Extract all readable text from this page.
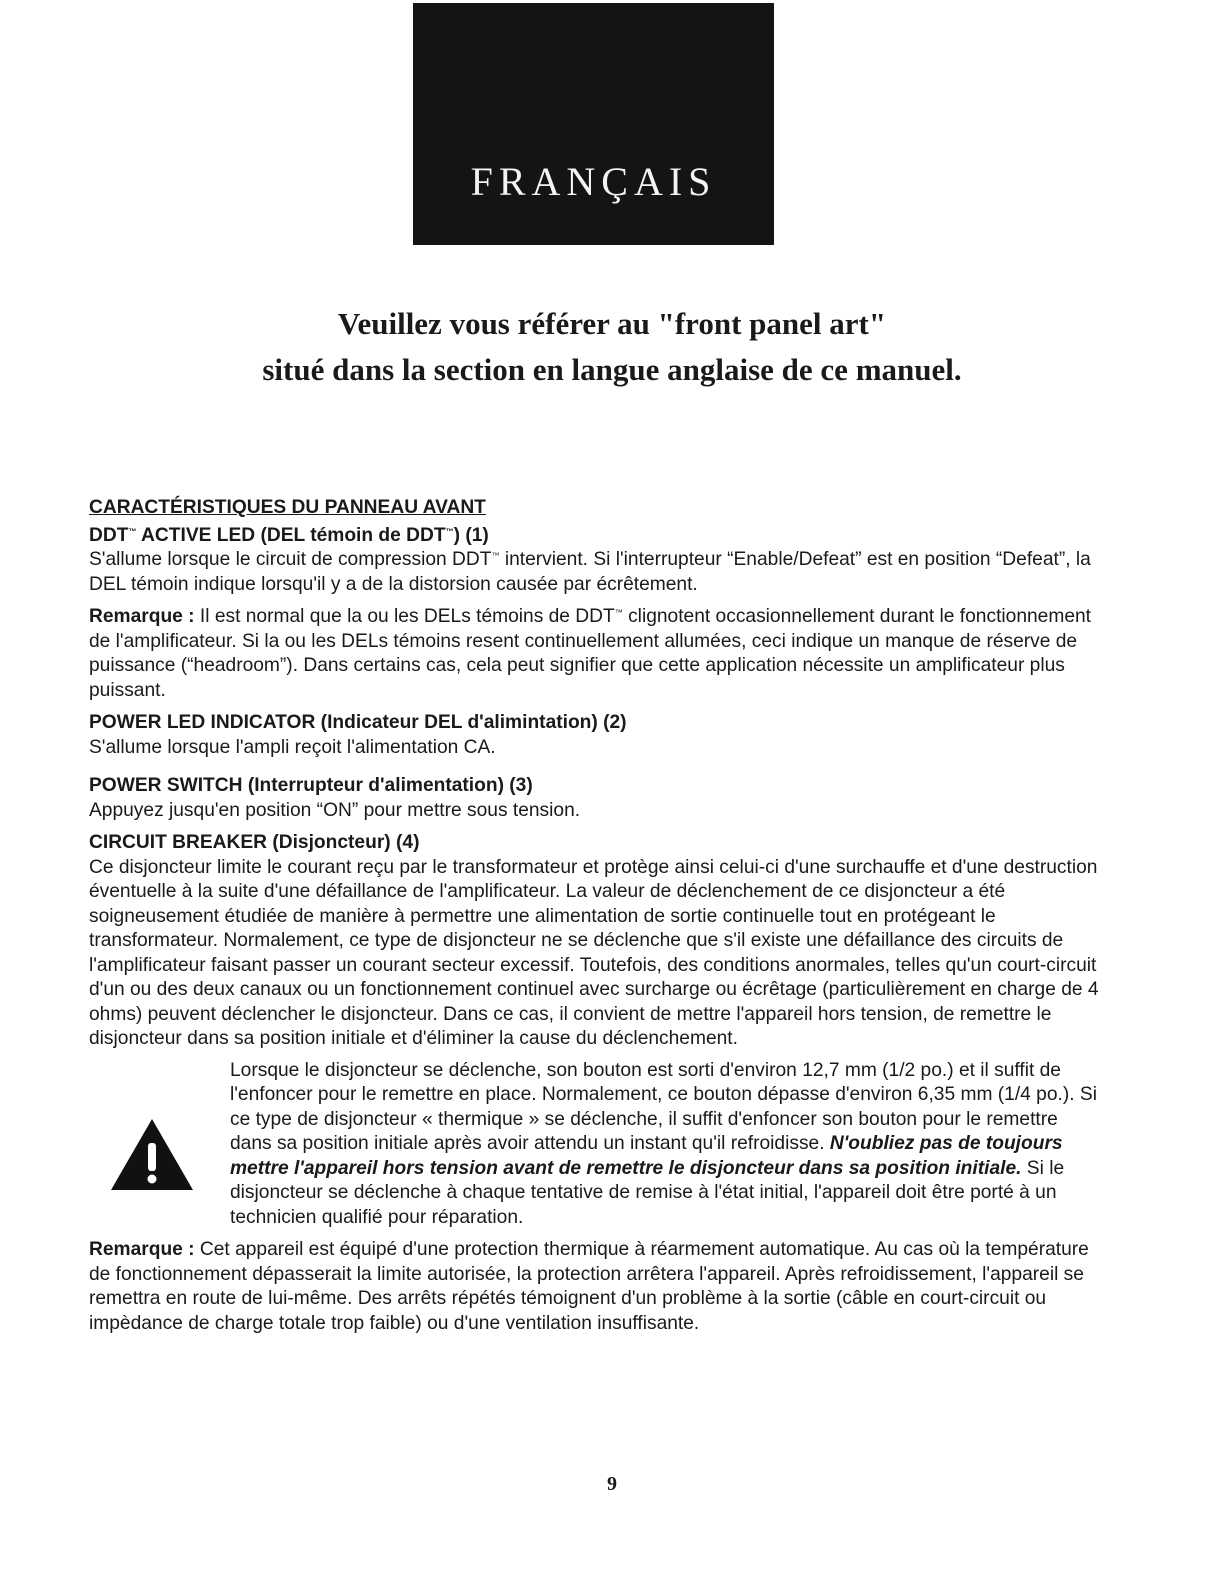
FRANÇAIS
Veuillez vous référer au "front panel art"
situé dans la section en langue anglaise de ce manuel.
CARACTÉRISTIQUES DU PANNEAU AVANT
DDT™ ACTIVE LED (DEL témoin de DDT™) (1)

S'allume lorsque le circuit de compression DDT™ intervient. Si l'interrupteur “Enable/Defeat” est en position “Defeat”, la DEL témoin indique lorsqu'il y a de la distorsion causée par écrêtement.

Remarque : Il est normal que la ou les DELs témoins de DDT™ clignotent occasionnellement durant le fonctionnement de l'amplificateur. Si la ou les DELs témoins resent continuellement allumées, ceci indique un manque de réserve de puissance (“headroom”). Dans certains cas, cela peut signifier que cette application nécessite un amplificateur plus puissant.

POWER LED INDICATOR (Indicateur DEL d'alimintation) (2)

S'allume lorsque l'ampli reçoit l'alimentation CA.

POWER SWITCH (Interrupteur d'alimentation) (3)

Appuyez jusqu'en position “ON” pour mettre sous tension.

CIRCUIT BREAKER (Disjoncteur) (4)

Ce disjoncteur limite le courant reçu par le transformateur et protège ainsi celui-ci d'une surchauffe et d'une destruction éventuelle à la suite d'une défaillance de l'amplificateur. La valeur de déclenchement de ce disjoncteur a été soigneusement étudiée de manière à permettre une alimentation de sortie continuelle tout en protégeant le transformateur. Normalement, ce type de disjoncteur ne se déclenche que s'il existe une défaillance des circuits de l'amplificateur faisant passer un courant secteur excessif. Toutefois, des conditions anormales, telles qu'un court-circuit d'un ou des deux canaux ou un fonctionnement continuel avec surcharge ou écrêtage (particulièrement en charge de 4 ohms) peuvent déclencher le disjoncteur. Dans ce cas, il convient de mettre l'appareil hors tension, de remettre le disjoncteur dans sa position initiale et d'éliminer la cause du déclenchement.

Lorsque le disjoncteur se déclenche, son bouton est sorti d'environ 12,7 mm (1/2 po.) et il suffit de l'enfoncer pour le remettre en place. Normalement, ce bouton dépasse d'environ 6,35 mm (1/4 po.). Si ce type de disjoncteur « thermique » se déclenche, il suffit d'enfoncer son bouton pour le remettre dans sa position initiale après avoir attendu un instant qu'il refroidisse. N'oubliez pas de toujours mettre l'appareil hors tension avant de remettre le disjoncteur dans sa position initiale. Si le disjoncteur se déclenche à chaque tentative de remise à l'état initial, l'appareil doit être porté à un technicien qualifié pour réparation.

Remarque : Cet appareil est équipé d'une protection thermique à réarmement automatique. Au cas où la température de fonctionnement dépasserait la limite autorisée, la protection arrêtera l'appareil. Après refroidissement, l'appareil se remettra en route de lui-même. Des arrêts répétés témoignent d'un problème à la sortie (câble en court-circuit ou impèdance de charge totale trop faible) ou d'une ventilation insuffisante.

9
